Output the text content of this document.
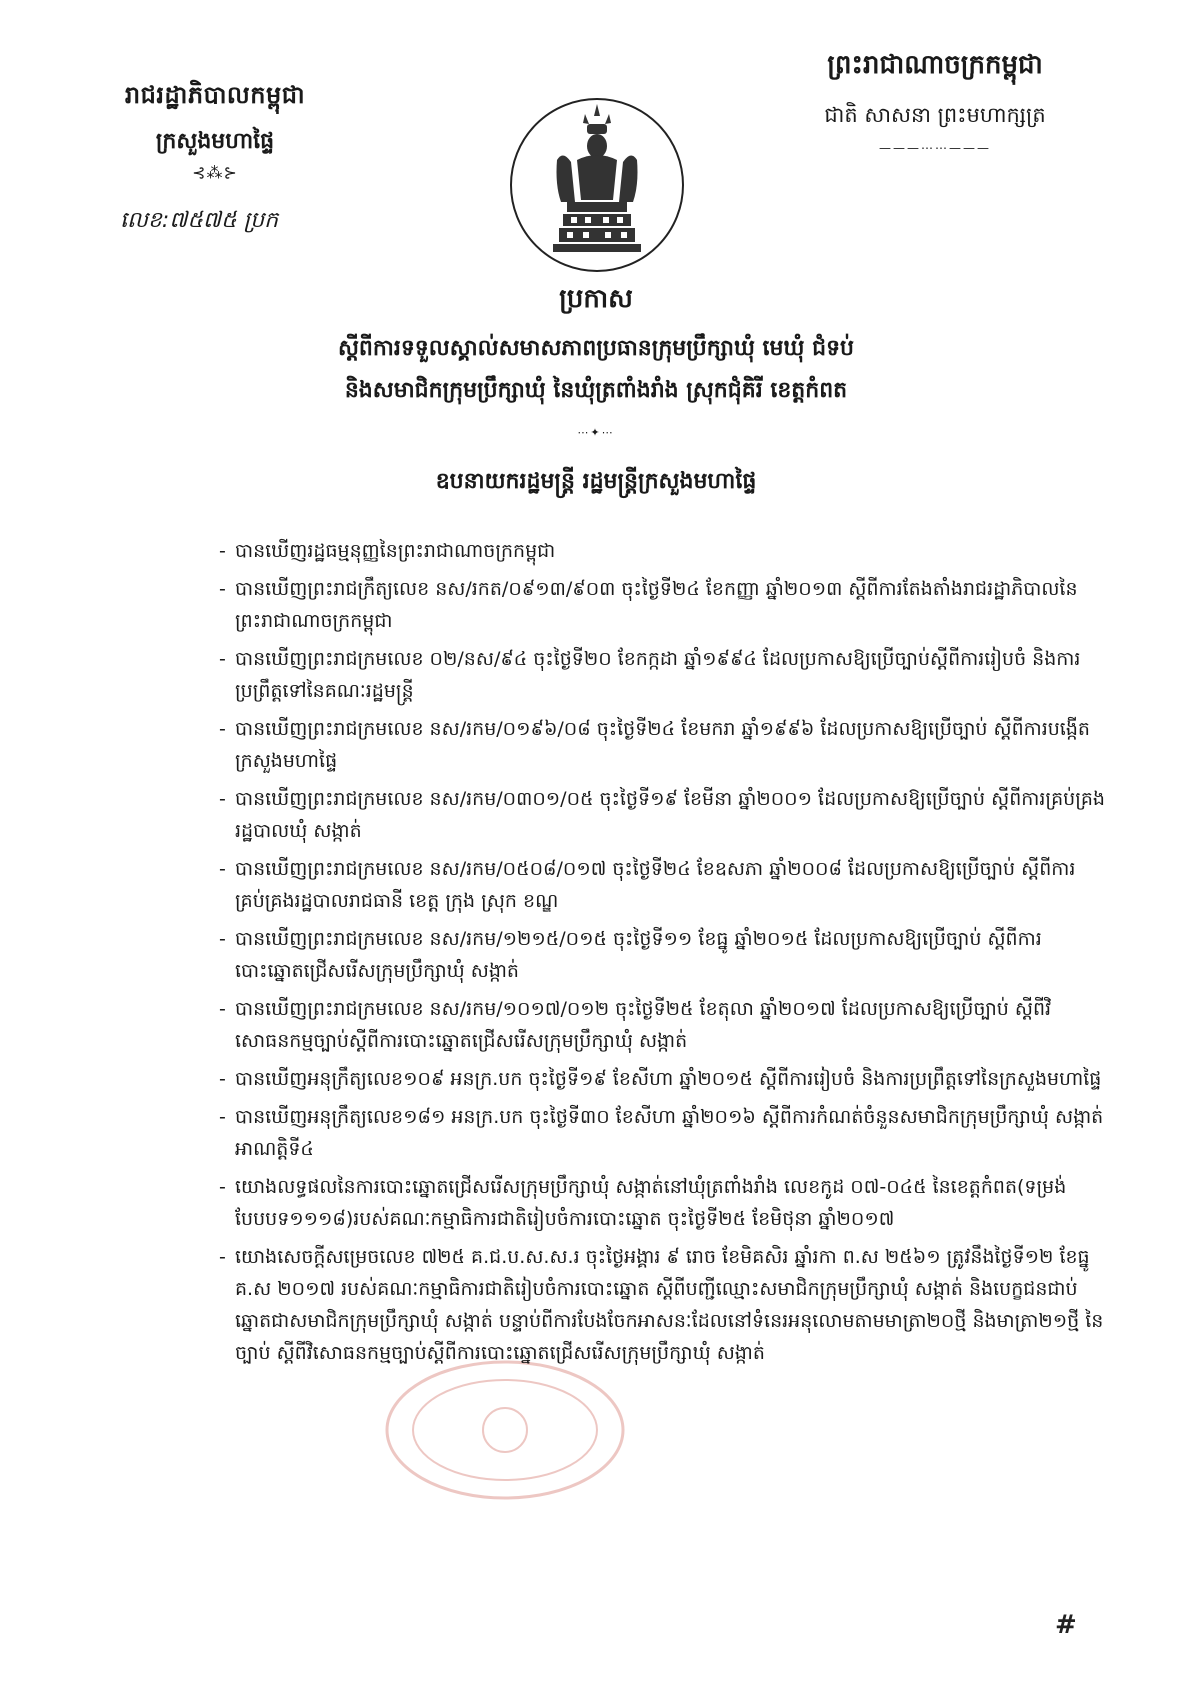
រាជរដ្ឋាភិបាលកម្ពុជា
ក្រសួងមហាផ្ទៃ
⊰⁂⊱
លេខ:៧៥៧៥ ប្រក
ព្រះរាជាណាចក្រកម្ពុជា
ជាតិ សាសនា ព្រះមហាក្សត្រ
———⋯⋯———
ប្រកាស
ស្តីពីការទទួលស្គាល់សមាសភាពប្រធានក្រុមប្រឹក្សាឃុំ មេឃុំ ជំទប់
និងសមាជិកក្រុមប្រឹក្សាឃុំ នៃឃុំត្រពាំងរាំង ស្រុកជុំគិរី ខេត្តកំពត
⋯✦⋯
ឧបនាយករដ្ឋមន្ត្រី រដ្ឋមន្ត្រីក្រសួងមហាផ្ទៃ
- បានឃើញរដ្ឋធម្មនុញ្ញនៃព្រះរាជាណាចក្រកម្ពុជា
- បានឃើញព្រះរាជក្រឹត្យលេខ នស/រកត/០៩១៣/៩០៣ ចុះថ្ងៃទី២៤ ខែកញ្ញា ឆ្នាំ២០១៣ ស្តីពីការតែងតាំងរាជរដ្ឋាភិបាលនៃព្រះរាជាណាចក្រកម្ពុជា
- បានឃើញព្រះរាជក្រមលេខ ០២/នស/៩៤ ចុះថ្ងៃទី២០ ខែកក្កដា ឆ្នាំ១៩៩៤ ដែលប្រកាសឱ្យប្រើច្បាប់ស្តីពីការរៀបចំ និងការប្រព្រឹត្តទៅនៃគណៈរដ្ឋមន្ត្រី
- បានឃើញព្រះរាជក្រមលេខ នស/រកម/០១៩៦/០៨ ចុះថ្ងៃទី២៤ ខែមករា ឆ្នាំ១៩៩៦ ដែលប្រកាសឱ្យប្រើច្បាប់ ស្តីពីការបង្កើតក្រសួងមហាផ្ទៃ
- បានឃើញព្រះរាជក្រមលេខ នស/រកម/០៣០១/០៥ ចុះថ្ងៃទី១៩ ខែមីនា ឆ្នាំ២០០១ ដែលប្រកាសឱ្យប្រើច្បាប់ ស្តីពីការគ្រប់គ្រងរដ្ឋបាលឃុំ សង្កាត់
- បានឃើញព្រះរាជក្រមលេខ នស/រកម/០៥០៨/០១៧ ចុះថ្ងៃទី២៤ ខែឧសភា ឆ្នាំ២០០៨ ដែលប្រកាសឱ្យប្រើច្បាប់ ស្តីពីការគ្រប់គ្រងរដ្ឋបាលរាជធានី ខេត្ត ក្រុង ស្រុក ខណ្ឌ
- បានឃើញព្រះរាជក្រមលេខ នស/រកម/១២១៥/០១៥ ចុះថ្ងៃទី១១ ខែធ្នូ ឆ្នាំ២០១៥ ដែលប្រកាសឱ្យប្រើច្បាប់ ស្តីពីការបោះឆ្នោតជ្រើសរើសក្រុមប្រឹក្សាឃុំ សង្កាត់
- បានឃើញព្រះរាជក្រមលេខ នស/រកម/១០១៧/០១២ ចុះថ្ងៃទី២៥ ខែតុលា ឆ្នាំ២០១៧ ដែលប្រកាសឱ្យប្រើច្បាប់ ស្តីពីវិសោធនកម្មច្បាប់ស្តីពីការបោះឆ្នោតជ្រើសរើសក្រុមប្រឹក្សាឃុំ សង្កាត់
- បានឃើញអនុក្រឹត្យលេខ១០៩ អនក្រ.បក ចុះថ្ងៃទី១៩ ខែសីហា ឆ្នាំ២០១៥ ស្តីពីការរៀបចំ និងការប្រព្រឹត្តទៅនៃក្រសួងមហាផ្ទៃ
- បានឃើញអនុក្រឹត្យលេខ១៨១ អនក្រ.បក ចុះថ្ងៃទី៣០ ខែសីហា ឆ្នាំ២០១៦ ស្តីពីការកំណត់ចំនួនសមាជិកក្រុមប្រឹក្សាឃុំ សង្កាត់អាណត្តិទី៤
- យោងលទ្ធផលនៃការបោះឆ្នោតជ្រើសរើសក្រុមប្រឹក្សាឃុំ សង្កាត់នៅឃុំត្រពាំងរាំង លេខកូដ ០៧-០៤៥ នៃខេត្តកំពត(ទម្រង់បែបបទ១១១៨)របស់គណៈកម្មាធិការជាតិរៀបចំការបោះឆ្នោត ចុះថ្ងៃទី២៥ ខែមិថុនា ឆ្នាំ២០១៧
- យោងសេចក្តីសម្រេចលេខ ៧២៥ គ.ជ.ប.ស.ស.រ ចុះថ្ងៃអង្គារ ៩ រោច ខែមិគសិរ ឆ្នាំរកា ព.ស ២៥៦១ ត្រូវនឹងថ្ងៃទី១២ ខែធ្នូ គ.ស ២០១៧ របស់គណៈកម្មាធិការជាតិរៀបចំការបោះឆ្នោត ស្តីពីបញ្ជីឈ្មោះសមាជិកក្រុមប្រឹក្សាឃុំ សង្កាត់ និងបេក្ខជនជាប់ឆ្នោតជាសមាជិកក្រុមប្រឹក្សាឃុំ សង្កាត់ បន្ទាប់ពីការបែងចែកអាសនៈដែលនៅទំនេរអនុលោមតាមមាត្រា២០ថ្មី និងមាត្រា២១ថ្មី នៃច្បាប់ ស្តីពីវិសោធនកម្មច្បាប់ស្តីពីការបោះឆ្នោតជ្រើសរើសក្រុមប្រឹក្សាឃុំ សង្កាត់
#
